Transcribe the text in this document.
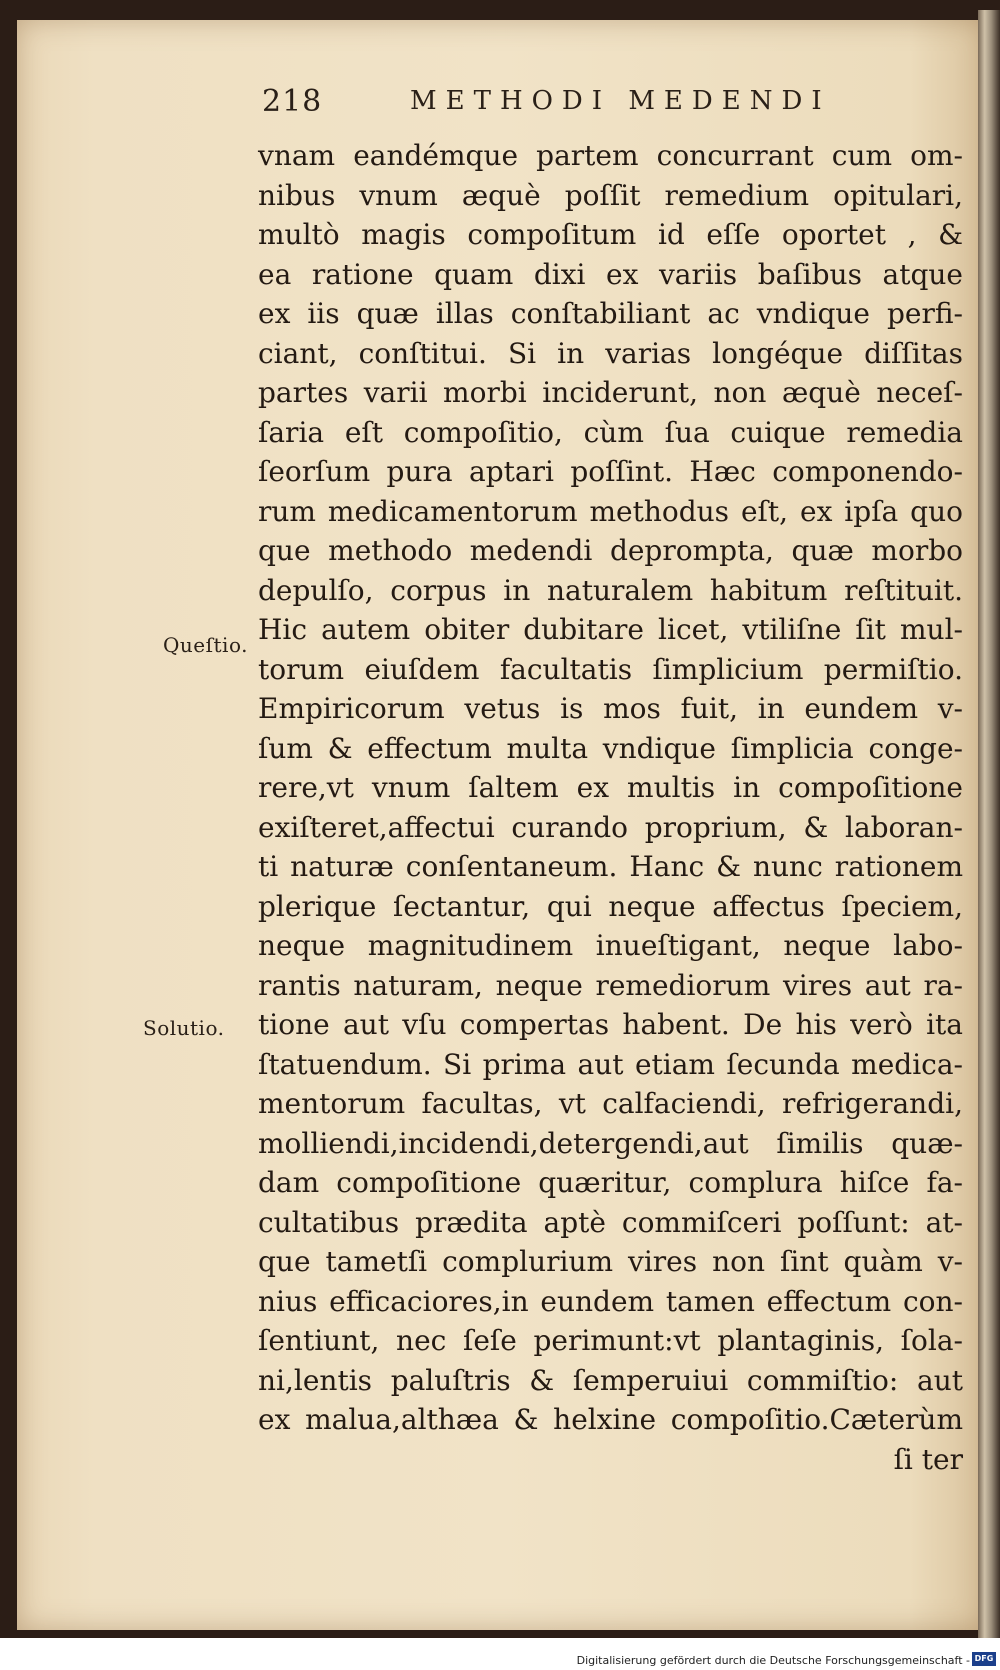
218	METHODI MEDENDI
Queſtio.
Solutio.
vnam eandémque partem concurrant cum om-
nibus vnum æquè poſſit remedium opitulari,
multò magis compoſitum id eſſe oportet , &
ea ratione quam dixi ex variis baſibus atque
ex iis quæ illas conſtabiliant ac vndique perfi-
ciant, conſtitui. Si in varias longéque diſſitas
partes varii morbi inciderunt, non æquè neceſ-
ſaria eſt compoſitio, cùm ſua cuique remedia
ſeorſum pura aptari poſſint. Hæc componendo-
rum medicamentorum methodus eſt, ex ipſa quo
que methodo medendi deprompta, quæ morbo
depulſo, corpus in naturalem habitum reſtituit.
Hic autem obiter dubitare licet, vtiliſne ſit mul-
torum eiuſdem facultatis ſimplicium permiſtio.
Empiricorum vetus is mos fuit, in eundem v-
ſum & effectum multa vndique ſimplicia conge-
rere,vt vnum ſaltem ex multis in compoſitione
exiſteret,affectui curando proprium, & laboran-
ti naturæ conſentaneum. Hanc & nunc rationem
plerique ſectantur, qui neque affectus ſpeciem,
neque magnitudinem inueſtigant, neque labo-
rantis naturam, neque remediorum vires aut ra-
tione aut vſu compertas habent. De his verò ita
ſtatuendum. Si prima aut etiam ſecunda medica-
mentorum facultas, vt calfaciendi, refrigerandi,
molliendi,incidendi,detergendi,aut ſimilis quæ-
dam compoſitione quæritur, complura hiſce fa-
cultatibus prædita aptè commiſceri poſſunt: at-
que tametſi complurium vires non ſint quàm v-
nius efficaciores,in eundem tamen effectum con-
ſentiunt, nec ſeſe perimunt:vt plantaginis, ſola-
ni,lentis paluſtris & ſemperuiui commiſtio: aut
ex malua,althæa & helxine compoſitio.Cæterùm
ſi ter
Digitalisierung gefördert durch die Deutsche Forschungsgemeinschaft - DFG
